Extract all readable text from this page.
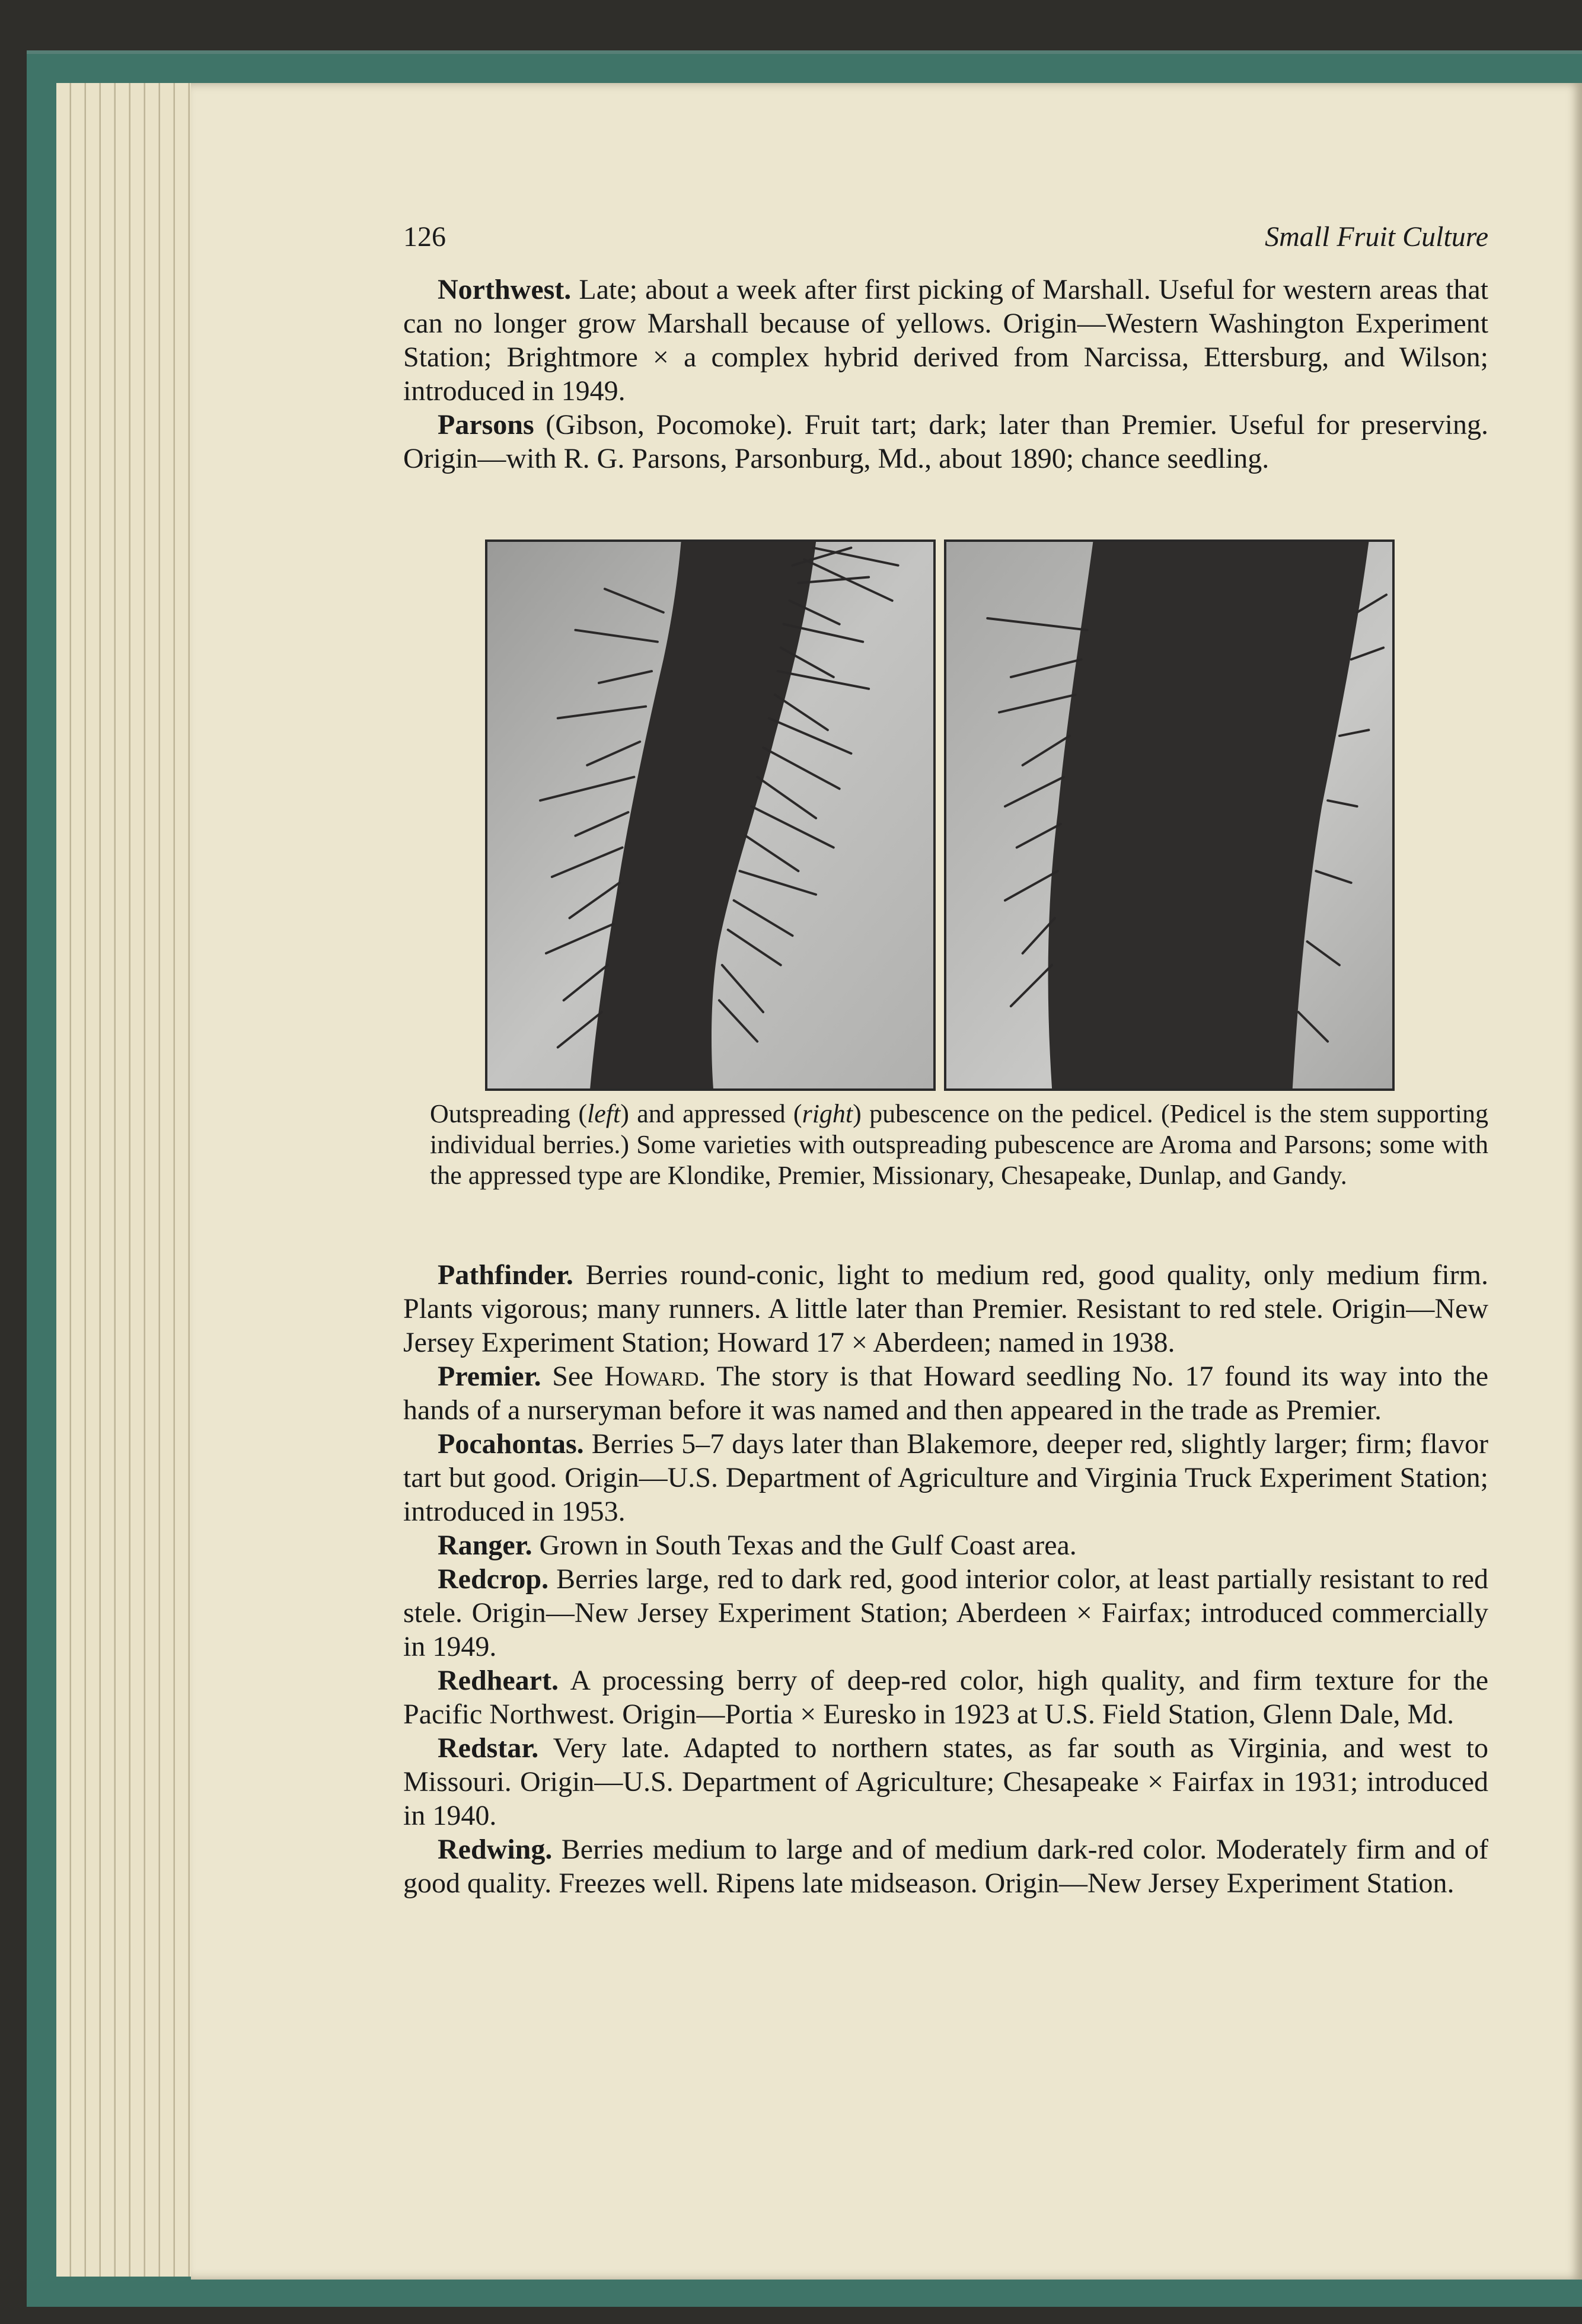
126	Small Fruit Culture

Northwest. Late; about a week after first picking of Marshall. Useful for western areas that can no longer grow Marshall because of yellows. Origin—Western Washington Experiment Station; Brightmore × a complex hybrid derived from Narcissa, Ettersburg, and Wilson; introduced in 1949.

Parsons (Gibson, Pocomoke). Fruit tart; dark; later than Premier. Useful for preserving. Origin—with R. G. Parsons, Parsonburg, Md., about 1890; chance seedling.

Outspreading (left) and appressed (right) pubescence on the pedicel. (Pedicel is the stem supporting individual berries.) Some varieties with outspreading pubescence are Aroma and Parsons; some with the appressed type are Klondike, Premier, Missionary, Chesapeake, Dunlap, and Gandy.

Pathfinder. Berries round-conic, light to medium red, good quality, only medium firm. Plants vigorous; many runners. A little later than Premier. Resistant to red stele. Origin—New Jersey Experiment Station; Howard 17 × Aberdeen; named in 1938.

Premier. See Howard. The story is that Howard seedling No. 17 found its way into the hands of a nurseryman before it was named and then appeared in the trade as Premier.

Pocahontas. Berries 5–7 days later than Blakemore, deeper red, slightly larger; firm; flavor tart but good. Origin—U.S. Department of Agriculture and Virginia Truck Experiment Station; introduced in 1953.

Ranger. Grown in South Texas and the Gulf Coast area.

Redcrop. Berries large, red to dark red, good interior color, at least partially resistant to red stele. Origin—New Jersey Experiment Station; Aberdeen × Fairfax; introduced commercially in 1949.

Redheart. A processing berry of deep-red color, high quality, and firm texture for the Pacific Northwest. Origin—Portia × Euresko in 1923 at U.S. Field Station, Glenn Dale, Md.

Redstar. Very late. Adapted to northern states, as far south as Virginia, and west to Missouri. Origin—U.S. Department of Agriculture; Chesapeake × Fairfax in 1931; introduced in 1940.

Redwing. Berries medium to large and of medium dark-red color. Moderately firm and of good quality. Freezes well. Ripens late midseason. Origin—New Jersey Experiment Station.
